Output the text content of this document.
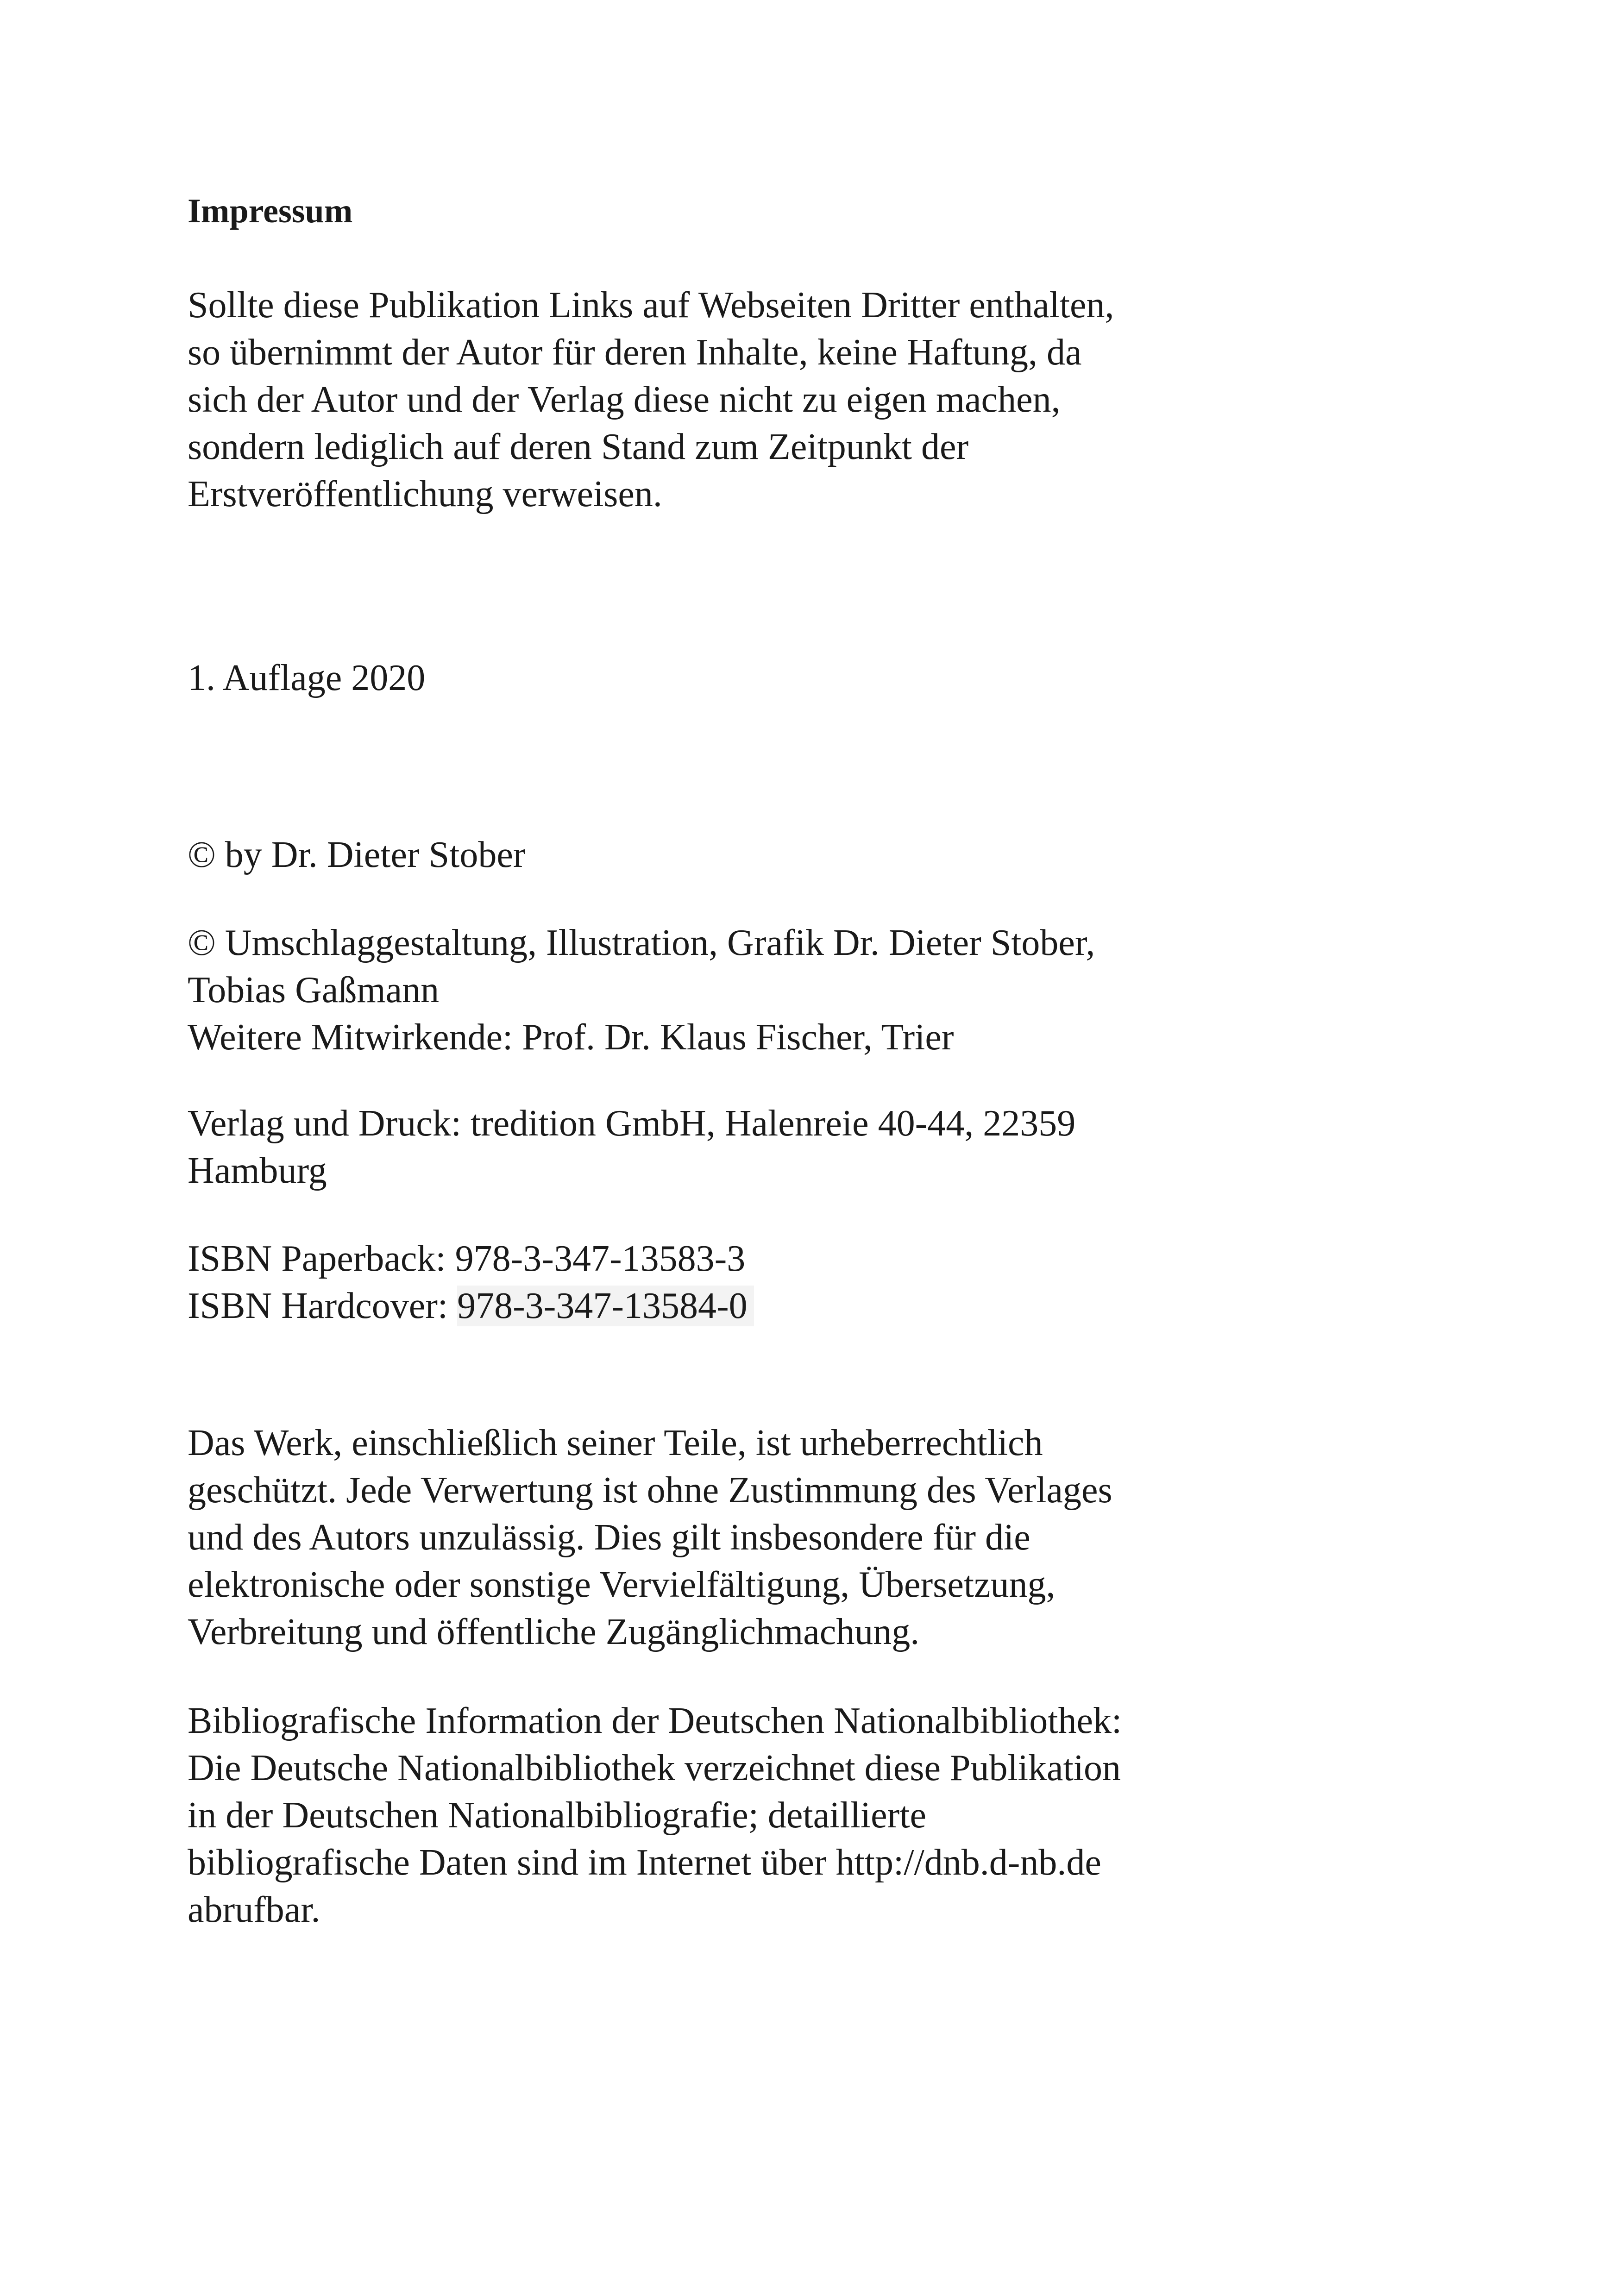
Impressum

Sollte diese Publikation Links auf Webseiten Dritter enthalten,
so übernimmt der Autor für deren Inhalte, keine Haftung, da
sich der Autor und der Verlag diese nicht zu eigen machen,
sondern lediglich auf deren Stand zum Zeitpunkt der
Erstveröffentlichung verweisen.

1. Auflage 2020

© by Dr. Dieter Stober

© Umschlaggestaltung, Illustration, Grafik Dr. Dieter Stober,
Tobias Gaßmann
Weitere Mitwirkende: Prof. Dr. Klaus Fischer, Trier

Verlag und Druck: tredition GmbH, Halenreie 40-44, 22359
Hamburg

ISBN Paperback: 978-3-347-13583-3
ISBN Hardcover: 978-3-347-13584-0

Das Werk, einschließlich seiner Teile, ist urheberrechtlich
geschützt. Jede Verwertung ist ohne Zustimmung des Verlages
und des Autors unzulässig. Dies gilt insbesondere für die
elektronische oder sonstige Vervielfältigung, Übersetzung,
Verbreitung und öffentliche Zugänglichmachung.

Bibliografische Information der Deutschen Nationalbibliothek:
Die Deutsche Nationalbibliothek verzeichnet diese Publikation
in der Deutschen Nationalbibliografie; detaillierte
bibliografische Daten sind im Internet über http://dnb.d-nb.de
abrufbar.
